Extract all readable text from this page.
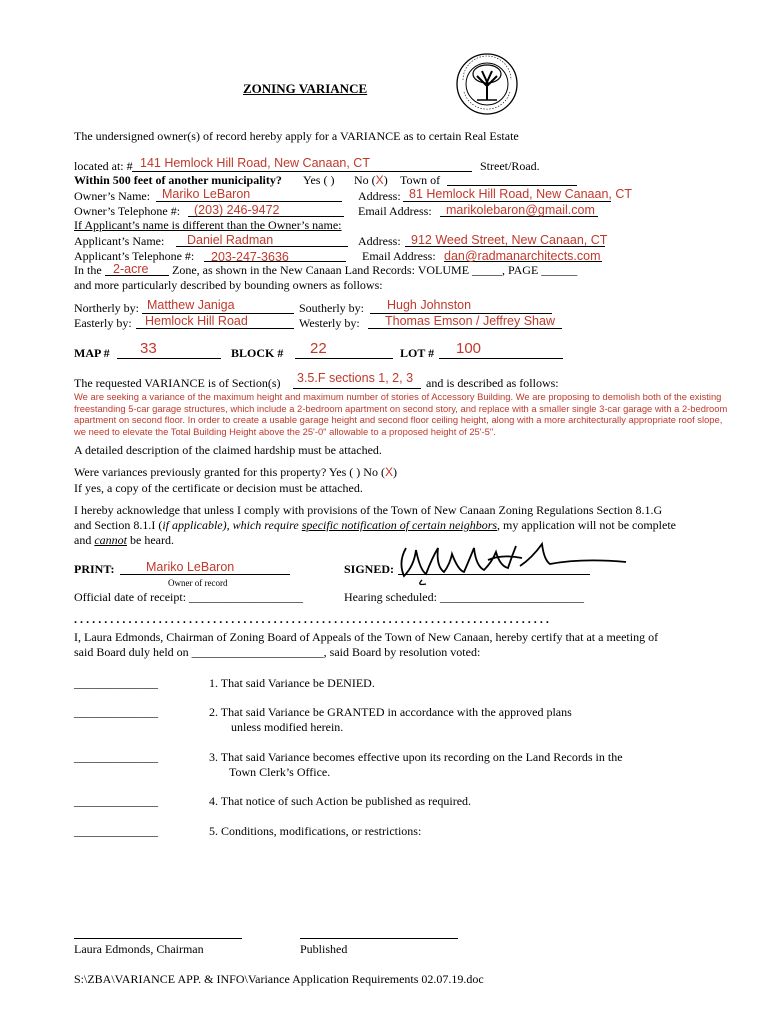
ZONING VARIANCE
The undersigned owner(s) of record hereby apply for a VARIANCE as to certain Real Estate
located at: # 141 Hemlock Hill Road, New Canaan, CT	Street/Road.
Within 500 feet of another municipality? Yes ( ) No (X) Town of
Owner’s Name: Mariko LeBaron	Address: 81 Hemlock Hill Road, New Canaan, CT
Owner’s Telephone #: (203) 246-9472	Email Address: marikolebaron@gmail.com
If Applicant’s name is different than the Owner’s name:
Applicant’s Name: Daniel Radman	Address: 912 Weed Street, New Canaan, CT
Applicant’s Telephone #: 203-247-3636	Email Address: dan@radmanarchitects.com
In the 2-acre Zone, as shown in the New Canaan Land Records: VOLUME _____, PAGE ______
and more particularly described by bounding owners as follows:
Northerly by: Matthew Janiga	Southerly by: Hugh Johnston
Easterly by: Hemlock Hill Road	Westerly by: Thomas Emson / Jeffrey Shaw
MAP # 33	BLOCK # 22	LOT # 100
The requested VARIANCE is of Section(s) 3.5.F sections 1, 2, 3 and is described as follows:
We are seeking a variance of the maximum height and maximum number of stories of Accessory Building. We are proposing to demolish both of the existing freestanding 5-car garage structures, which include a 2-bedroom apartment on second story, and replace with a smaller single 3-car garage with a 2-bedroom apartment on second floor. In order to create a usable garage height and second floor ceiling height, along with a more architecturally appropriate roof slope, we need to elevate the Total Building Height above the 25'-0" allowable to a proposed height of 25'-5".
A detailed description of the claimed hardship must be attached.
Were variances previously granted for this property? Yes ( ) No (X)
If yes, a copy of the certificate or decision must be attached.
I hereby acknowledge that unless I comply with provisions of the Town of New Canaan Zoning Regulations Section 8.1.G
and Section 8.1.I (if applicable), which require specific notification of certain neighbors, my application will not be complete
and cannot be heard.
PRINT:	Mariko LeBaron
Owner of record
SIGNED:
Official date of receipt: ___________________	Hearing scheduled: ________________________
...............................................................................
I, Laura Edmonds, Chairman of Zoning Board of Appeals of the Town of New Canaan, hereby certify that at a meeting of
said Board duly held on ______________________, said Board by resolution voted:
______________	1. That said Variance be DENIED.
______________	2. That said Variance be GRANTED in accordance with the approved plans
unless modified herein.
______________	3. That said Variance becomes effective upon its recording on the Land Records in the
Town Clerk’s Office.
______________	4. That notice of such Action be published as required.
______________	5. Conditions, modifications, or restrictions:
Laura Edmonds, Chairman	Published
S:\ZBA\VARIANCE APP. & INFO\Variance Application Requirements 02.07.19.doc
